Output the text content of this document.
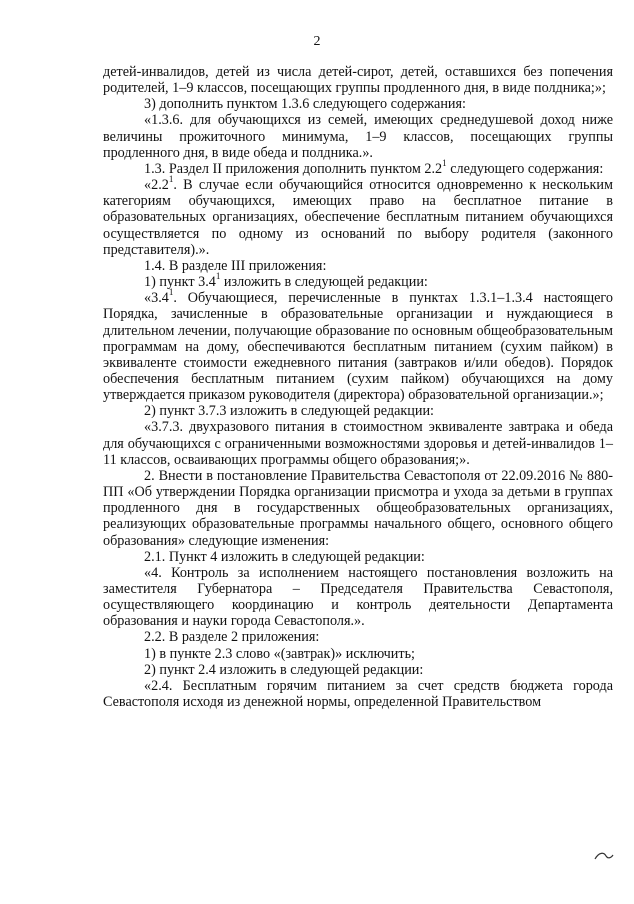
2

детей-инвалидов, детей из числа детей-сирот, детей, оставшихся без попечения родителей, 1–9 классов, посещающих группы продленного дня, в виде полдника;»;

3) дополнить пунктом 1.3.6 следующего содержания:

«1.3.6. для обучающихся из семей, имеющих среднедушевой доход ниже величины прожиточного минимума, 1–9 классов, посещающих группы продленного дня, в виде обеда и полдника.».

1.3. Раздел II приложения дополнить пунктом $2.2^1$ следующего содержания:

«$2.2^1$. В случае если обучающийся относится одновременно к нескольким категориям обучающихся, имеющих право на бесплатное питание в образовательных организациях, обеспечение бесплатным питанием обучающихся осуществляется по одному из оснований по выбору родителя (законного представителя).».

1.4. В разделе III приложения:

1) пункт $3.4^1$ изложить в следующей редакции:

«$3.4^1$. Обучающиеся, перечисленные в пунктах 1.3.1–1.3.4 настоящего Порядка, зачисленные в образовательные организации и нуждающиеся в длительном лечении, получающие образование по основным общеобразовательным программам на дому, обеспечиваются бесплатным питанием (сухим пайком) в эквиваленте стоимости ежедневного питания (завтраков и/или обедов). Порядок обеспечения бесплатным питанием (сухим пайком) обучающихся на дому утверждается приказом руководителя (директора) образовательной организации.»;

2) пункт 3.7.3 изложить в следующей редакции:

«3.7.3. двухразового питания в стоимостном эквиваленте завтрака и обеда для обучающихся с ограниченными возможностями здоровья и детей-инвалидов 1–11 классов, осваивающих программы общего образования;».

2. Внести в постановление Правительства Севастополя от 22.09.2016 № 880-ПП «Об утверждении Порядка организации присмотра и ухода за детьми в группах продленного дня в государственных общеобразовательных организациях, реализующих образовательные программы начального общего, основного общего образования» следующие изменения:

2.1. Пункт 4 изложить в следующей редакции:

«4. Контроль за исполнением настоящего постановления возложить на заместителя Губернатора – Председателя Правительства Севастополя, осуществляющего координацию и контроль деятельности Департамента образования и науки города Севастополя.».

2.2. В разделе 2 приложения:

1) в пункте 2.3 слово «(завтрак)» исключить;

2) пункт 2.4 изложить в следующей редакции:

«2.4. Бесплатным горячим питанием за счет средств бюджета города Севастополя исходя из денежной нормы, определенной Правительством
